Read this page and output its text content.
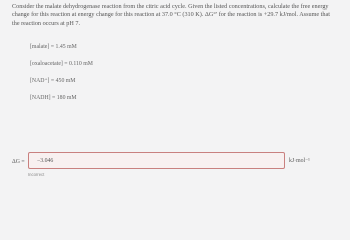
Consider the malate dehydrogenase reaction from the citric acid cycle. Given the listed concentrations, calculate the free energy change for this reaction at energy change for this reaction at 37.0 °C (310 K). ΔG°′ for the reaction is +29.7 kJ/mol. Assume that the reaction occurs at pH 7.
[malate] = 1.45 mM
[oxaloacetate] = 0.110 mM
[NAD⁺] = 450 mM
[NADH] = 180 mM
ΔG = −3.046	kJ·mol⁻¹
Incorrect
